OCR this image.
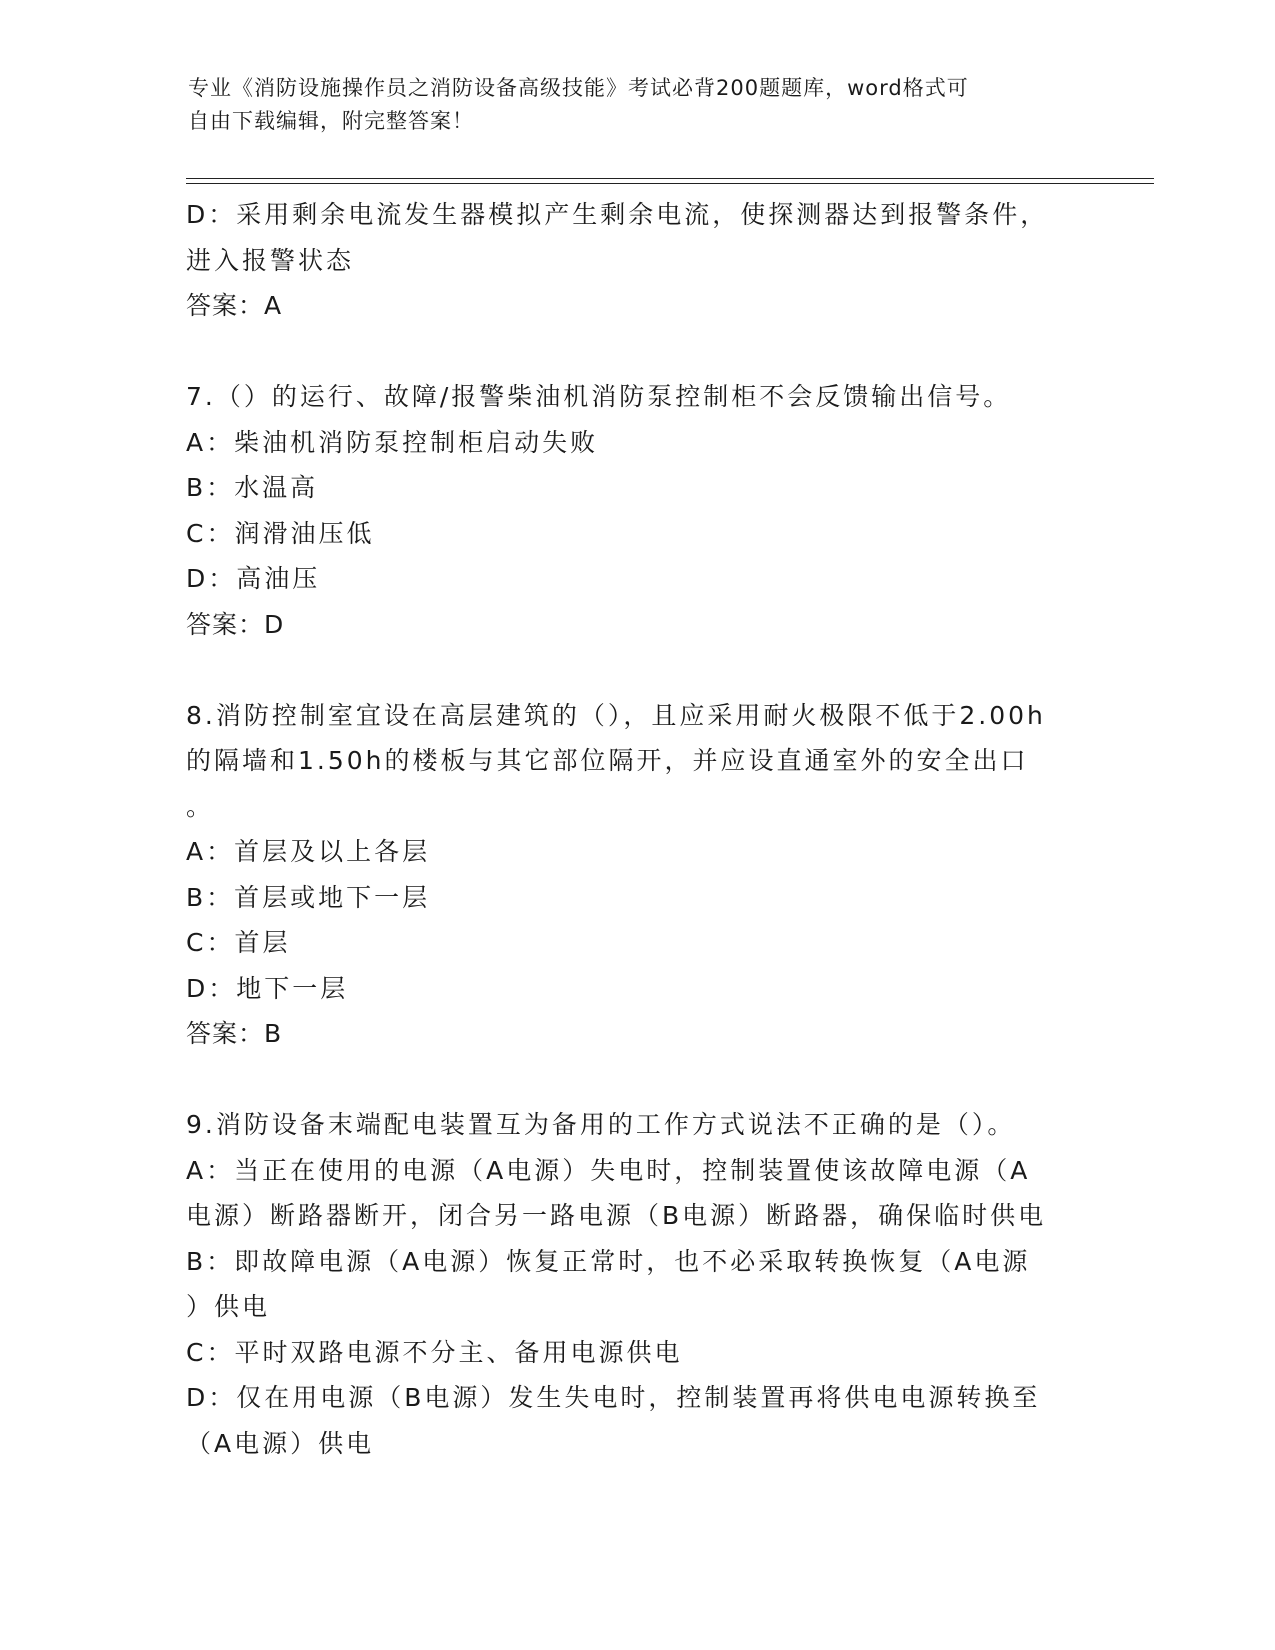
专业《消防设施操作员之消防设备高级技能》考试必背200题题库，word格式可
自由下载编辑，附完整答案！
D：采用剩余电流发生器模拟产生剩余电流，使探测器达到报警条件，
进入报警状态
答案：A
7.（）的运行、故障/报警柴油机消防泵控制柜不会反馈输出信号。
A：柴油机消防泵控制柜启动失败
B：水温高
C：润滑油压低
D：高油压
答案：D
8.消防控制室宜设在高层建筑的（），且应采用耐火极限不低于2.00h
的隔墙和1.50h的楼板与其它部位隔开，并应设直通室外的安全出口
。
A：首层及以上各层
B：首层或地下一层
C：首层
D：地下一层
答案：B
9.消防设备末端配电装置互为备用的工作方式说法不正确的是（）。
A：当正在使用的电源（A电源）失电时，控制装置使该故障电源（A
电源）断路器断开，闭合另一路电源（B电源）断路器，确保临时供电
B：即故障电源（A电源）恢复正常时，也不必采取转换恢复（A电源
）供电
C：平时双路电源不分主、备用电源供电
D：仅在用电源（B电源）发生失电时，控制装置再将供电电源转换至
（A电源）供电
